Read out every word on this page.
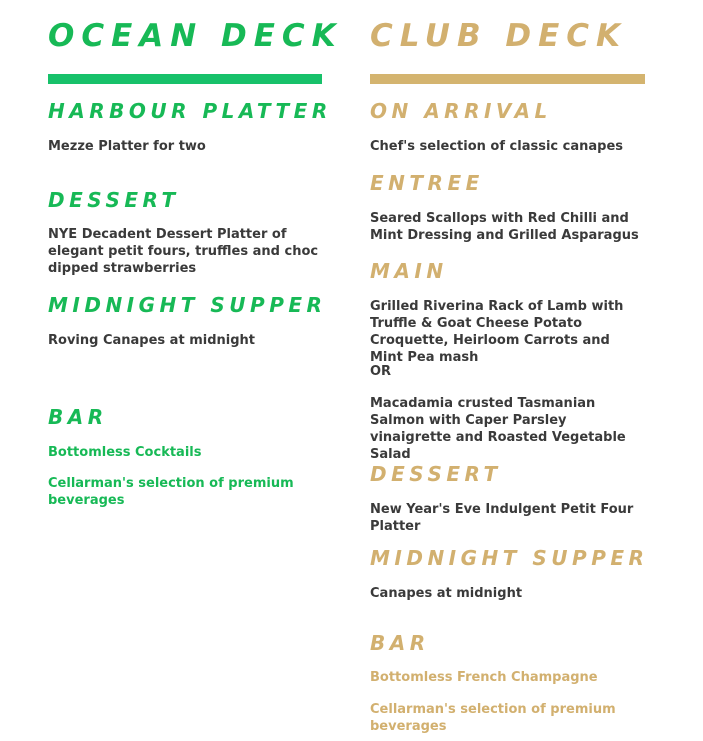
OCEAN DECK
HARBOUR PLATTER

Mezze Platter for two

DESSERT

NYE Decadent Dessert Platter of elegant petit fours, truffles and choc dipped strawberries

MIDNIGHT SUPPER

Roving Canapes at midnight

BAR

Bottomless Cocktails

Cellarman's selection of premium beverages

CLUB DECK
ON ARRIVAL

Chef's selection of classic canapes

ENTREE

Seared Scallops with Red Chilli and Mint Dressing and Grilled Asparagus

MAIN

Grilled Riverina Rack of Lamb with Truffle & Goat Cheese Potato Croquette, Heirloom Carrots and Mint Pea mash

OR

Macadamia crusted Tasmanian Salmon with Caper Parsley vinaigrette and Roasted Vegetable Salad

DESSERT

New Year's Eve Indulgent Petit Four Platter

MIDNIGHT SUPPER

Canapes at midnight

BAR

Bottomless French Champagne

Cellarman's selection of premium beverages
